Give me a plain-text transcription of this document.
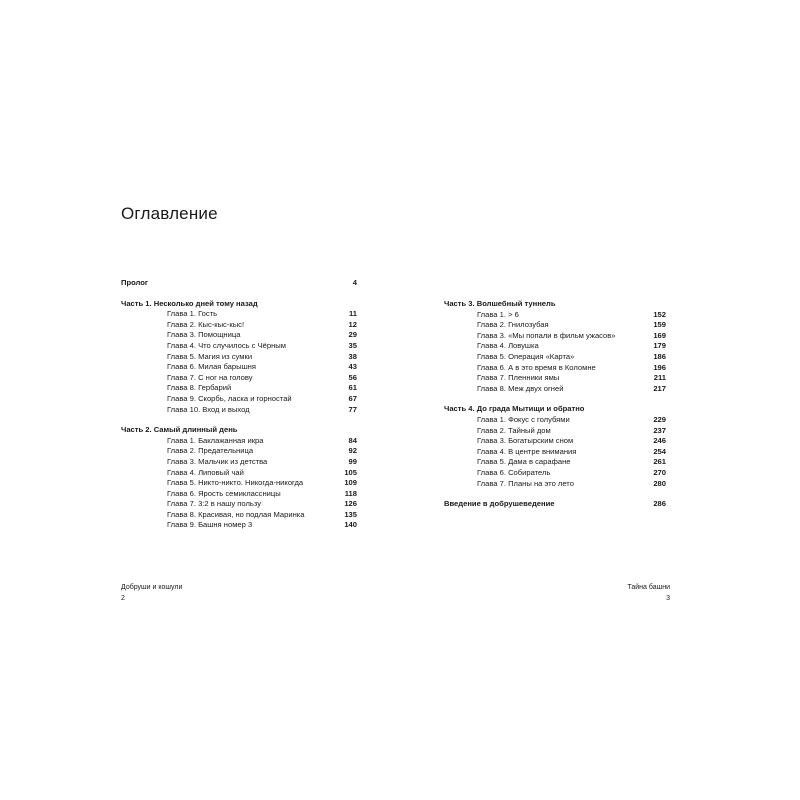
Оглавление
Пролог	4
Часть 1. Несколько дней тому назад
Глава 1. Гость	11
Глава 2. Кыс-кыс-кыс!	12
Глава 3. Помощница	29
Глава 4. Что случилось с Чёрным	35
Глава 5. Магия из сумки	38
Глава 6. Милая барышня	43
Глава 7. С ног на голову	56
Глава 8. Гербарий	61
Глава 9. Скорбь, ласка и горностай	67
Глава 10. Вход и выход	77
Часть 2. Самый длинный день
Глава 1. Баклажанная икра	84
Глава 2. Предательница	92
Глава 3. Мальчик из детства	99
Глава 4. Липовый чай	105
Глава 5. Никто-никто. Никогда-никогда	109
Глава 6. Ярость семиклассницы	118
Глава 7. 3:2 в нашу пользу	126
Глава 8. Красивая, но подлая Маринка	135
Глава 9. Башня номер 3	140
Часть 3. Волшебный туннель
Глава 1. > 6	152
Глава 2. Гнилозубая	159
Глава 3. «Мы попали в фильм ужасов»	169
Глава 4. Ловушка	179
Глава 5. Операция «Карта»	186
Глава 6. А в это время в Коломне	196
Глава 7. Пленники ямы	211
Глава 8. Меж двух огней	217
Часть 4. До града Мытищи и обратно
Глава 1. Фокус с голубями	229
Глава 2. Тайный дом	237
Глава 3. Богатырским сном	246
Глава 4. В центре внимания	254
Глава 5. Дама в сарафане	261
Глава 6. Собиратель	270
Глава 7. Планы на это лето	280
Введение в добрушеведение	286
Добруши и кошули
2
Тайна башни
3
